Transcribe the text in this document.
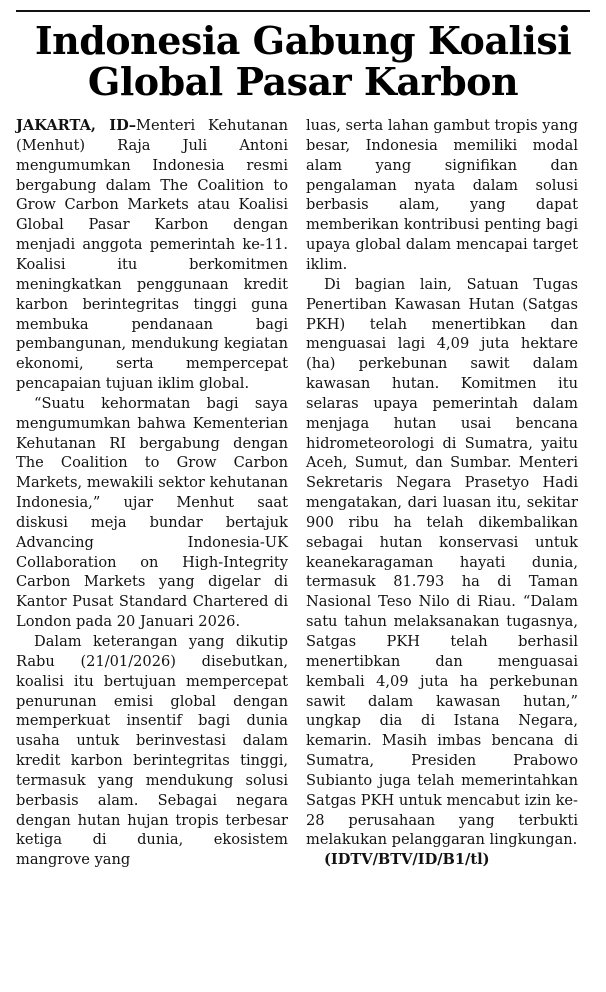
Indonesia Gabung Koalisi
Global Pasar Karbon

JAKARTA, ID–Menteri Kehutanan (Menhut) Raja Juli Antoni mengumumkan Indonesia resmi bergabung dalam The Coalition to Grow Carbon Markets atau Koalisi Global Pasar Karbon dengan menjadi anggota pemerintah ke-11. Koalisi itu berkomitmen meningkatkan penggunaan kredit karbon berintegritas tinggi guna membuka pendanaan bagi pembangunan, mendukung kegiatan ekonomi, serta mempercepat pencapaian tujuan iklim global.

“Suatu kehormatan bagi saya mengumumkan bahwa Kementerian Kehutanan RI bergabung dengan The Coalition to Grow Carbon Markets, mewakili sektor kehutanan Indonesia,” ujar Menhut saat diskusi meja bundar bertajuk Advancing Indonesia-UK Collaboration on High-Integrity Carbon Markets yang digelar di Kantor Pusat Standard Chartered di London pada 20 Januari 2026.

Dalam keterangan yang dikutip Rabu (21/01/2026) disebutkan, koalisi itu bertujuan mempercepat penurunan emisi global dengan memperkuat insentif bagi dunia usaha untuk berinvestasi dalam kredit karbon berintegritas tinggi, termasuk yang mendukung solusi berbasis alam. Sebagai negara dengan hutan hujan tropis terbesar ketiga di dunia, ekosistem mangrove yang

luas, serta lahan gambut tropis yang besar, Indonesia memiliki modal alam yang signifikan dan pengalaman nyata dalam solusi berbasis alam, yang dapat memberikan kontribusi penting bagi upaya global dalam mencapai target iklim.

Di bagian lain, Satuan Tugas Penertiban Kawasan Hutan (Satgas PKH) telah menertibkan dan menguasai lagi 4,09 juta hektare (ha) perkebunan sawit dalam kawasan hutan. Komitmen itu selaras upaya pemerintah dalam menjaga hutan usai bencana hidrometeorologi di Sumatra, yaitu Aceh, Sumut, dan Sumbar. Menteri Sekretaris Negara Prasetyo Hadi mengatakan, dari luasan itu, sekitar 900 ribu ha telah dikembalikan sebagai hutan konservasi untuk keanekaragaman hayati dunia, termasuk 81.793 ha di Taman Nasional Teso Nilo di Riau. “Dalam satu tahun melaksanakan tugasnya, Satgas PKH telah berhasil menertibkan dan menguasai kembali 4,09 juta ha perkebunan sawit dalam kawasan hutan,” ungkap dia di Istana Negara, kemarin. Masih imbas bencana di Sumatra, Presiden Prabowo Subianto juga telah memerintahkan Satgas PKH untuk mencabut izin ke-28 perusahaan yang terbukti melakukan pelanggaran lingkungan.

(IDTV/BTV/ID/B1/tl)
